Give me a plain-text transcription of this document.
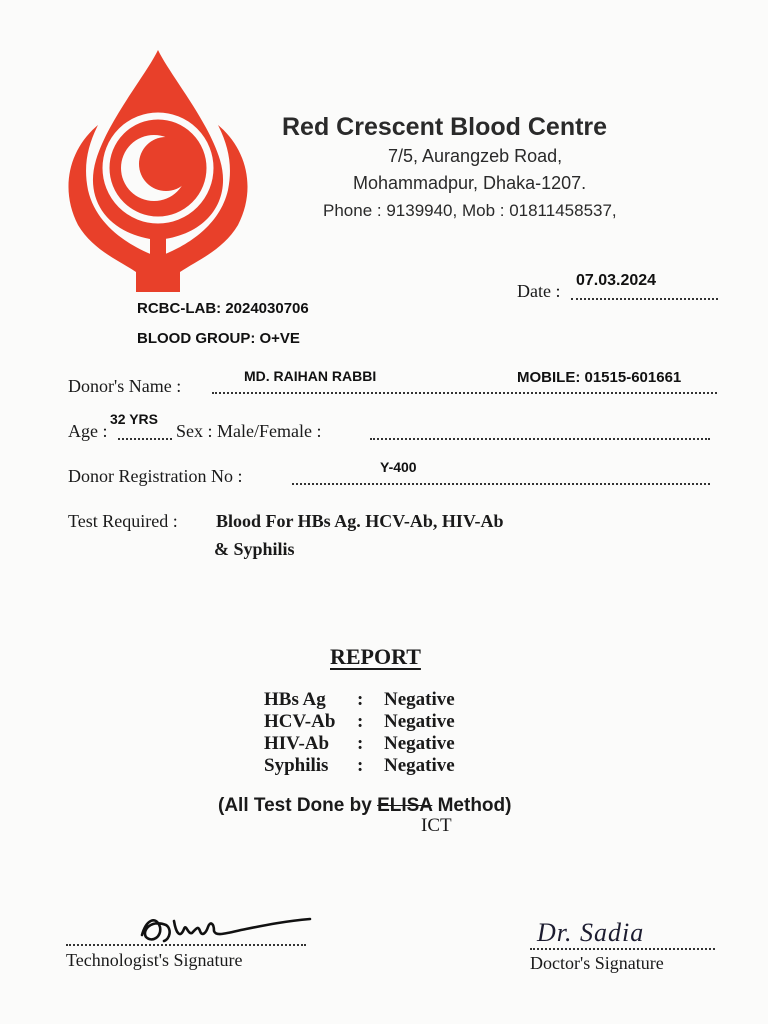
Red Crescent Blood Centre
7/5, Aurangzeb Road,
Mohammadpur, Dhaka-1207.
Phone : 9139940, Mob : 01811458537,
Date :
07.03.2024
RCBC-LAB: 2024030706
BLOOD GROUP: O+VE
Donor's Name :	MD. RAIHAN RABBI	MOBILE: 01515-601661
Age :
32 YRS
Sex : Male/Female :
Donor Registration No :	Y-400
Test Required : Blood For HBs Ag. HCV-Ab, HIV-Ab
& Syphilis
REPORT
HBs Ag : Negative
HCV-Ab : Negative
HIV-Ab : Negative
Syphilis : Negative
(All Test Done by ELISA Method)
ICT
Technologist's Signature
Dr. Sadia
Doctor's Signature
